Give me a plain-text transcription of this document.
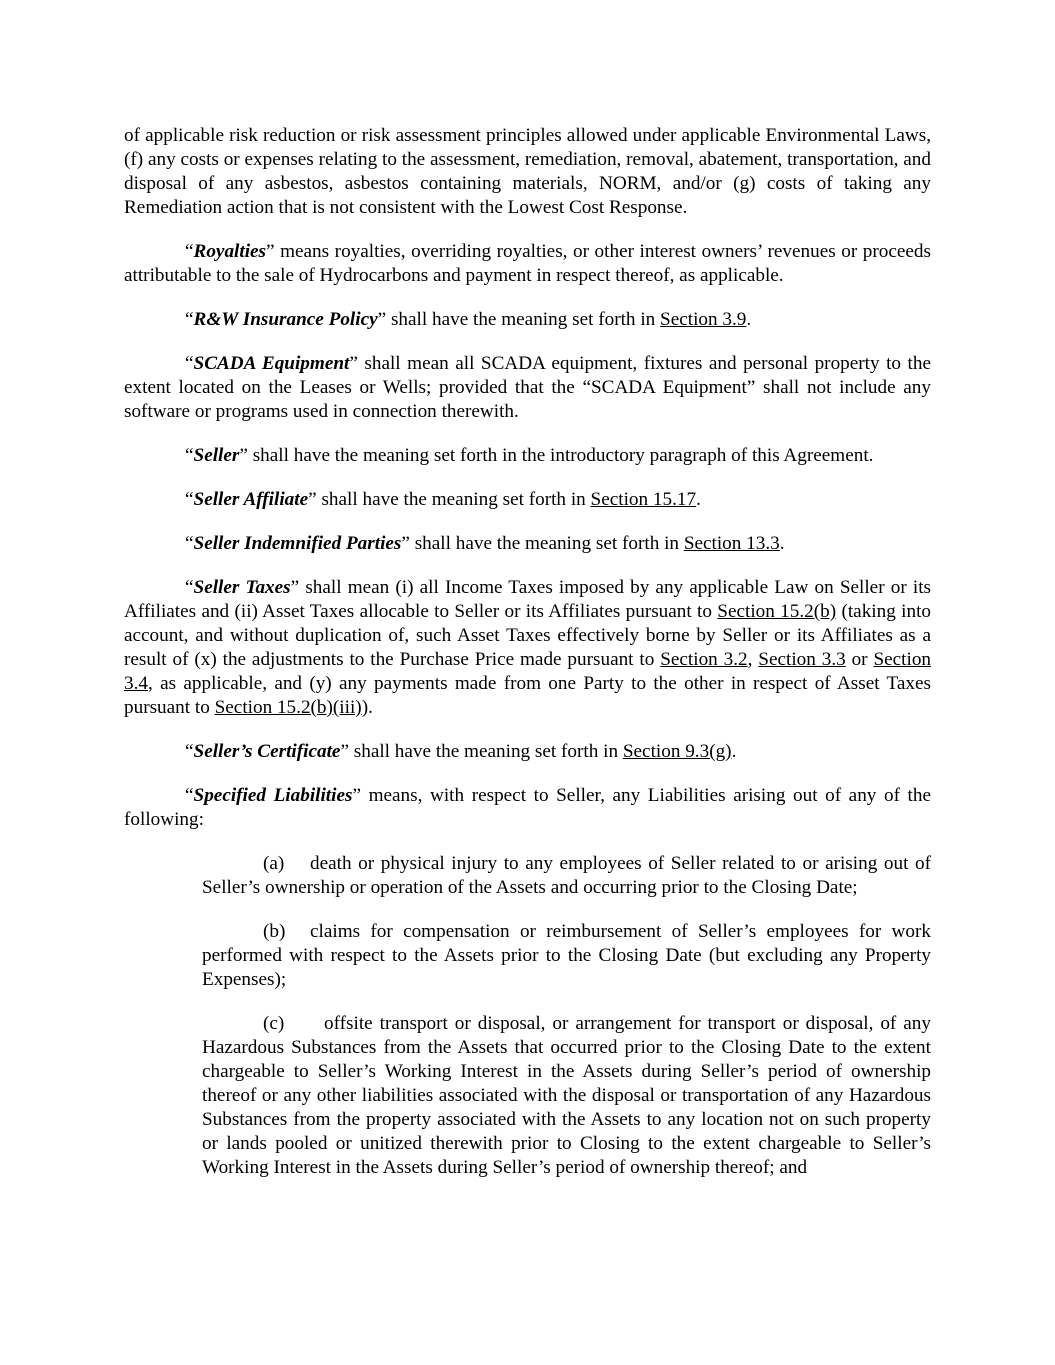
of applicable risk reduction or risk assessment principles allowed under applicable Environmental Laws, (f) any costs or expenses relating to the assessment, remediation, removal, abatement, transportation, and disposal of any asbestos, asbestos containing materials, NORM, and/or (g) costs of taking any Remediation action that is not consistent with the Lowest Cost Response.

“Royalties” means royalties, overriding royalties, or other interest owners’ revenues or proceeds attributable to the sale of Hydrocarbons and payment in respect thereof, as applicable.

“R&W Insurance Policy” shall have the meaning set forth in Section 3.9.

“SCADA Equipment” shall mean all SCADA equipment, fixtures and personal property to the extent located on the Leases or Wells; provided that the “SCADA Equipment” shall not include any software or programs used in connection therewith.

“Seller” shall have the meaning set forth in the introductory paragraph of this Agreement.

“Seller Affiliate” shall have the meaning set forth in Section 15.17.

“Seller Indemnified Parties” shall have the meaning set forth in Section 13.3.

“Seller Taxes” shall mean (i) all Income Taxes imposed by any applicable Law on Seller or its Affiliates and (ii) Asset Taxes allocable to Seller or its Affiliates pursuant to Section 15.2(b) (taking into account, and without duplication of, such Asset Taxes effectively borne by Seller or its Affiliates as a result of (x) the adjustments to the Purchase Price made pursuant to Section 3.2, Section 3.3 or Section 3.4, as applicable, and (y) any payments made from one Party to the other in respect of Asset Taxes pursuant to Section 15.2(b)(iii)).

“Seller’s Certificate” shall have the meaning set forth in Section 9.3(g).

“Specified Liabilities” means, with respect to Seller, any Liabilities arising out of any of the following:

(a) death or physical injury to any employees of Seller related to or arising out of Seller’s ownership or operation of the Assets and occurring prior to the Closing Date;

(b) claims for compensation or reimbursement of Seller’s employees for work performed with respect to the Assets prior to the Closing Date (but excluding any Property Expenses);

(c) offsite transport or disposal, or arrangement for transport or disposal, of any Hazardous Substances from the Assets that occurred prior to the Closing Date to the extent chargeable to Seller’s Working Interest in the Assets during Seller’s period of ownership thereof or any other liabilities associated with the disposal or transportation of any Hazardous Substances from the property associated with the Assets to any location not on such property or lands pooled or unitized therewith prior to Closing to the extent chargeable to Seller’s Working Interest in the Assets during Seller’s period of ownership thereof; and
